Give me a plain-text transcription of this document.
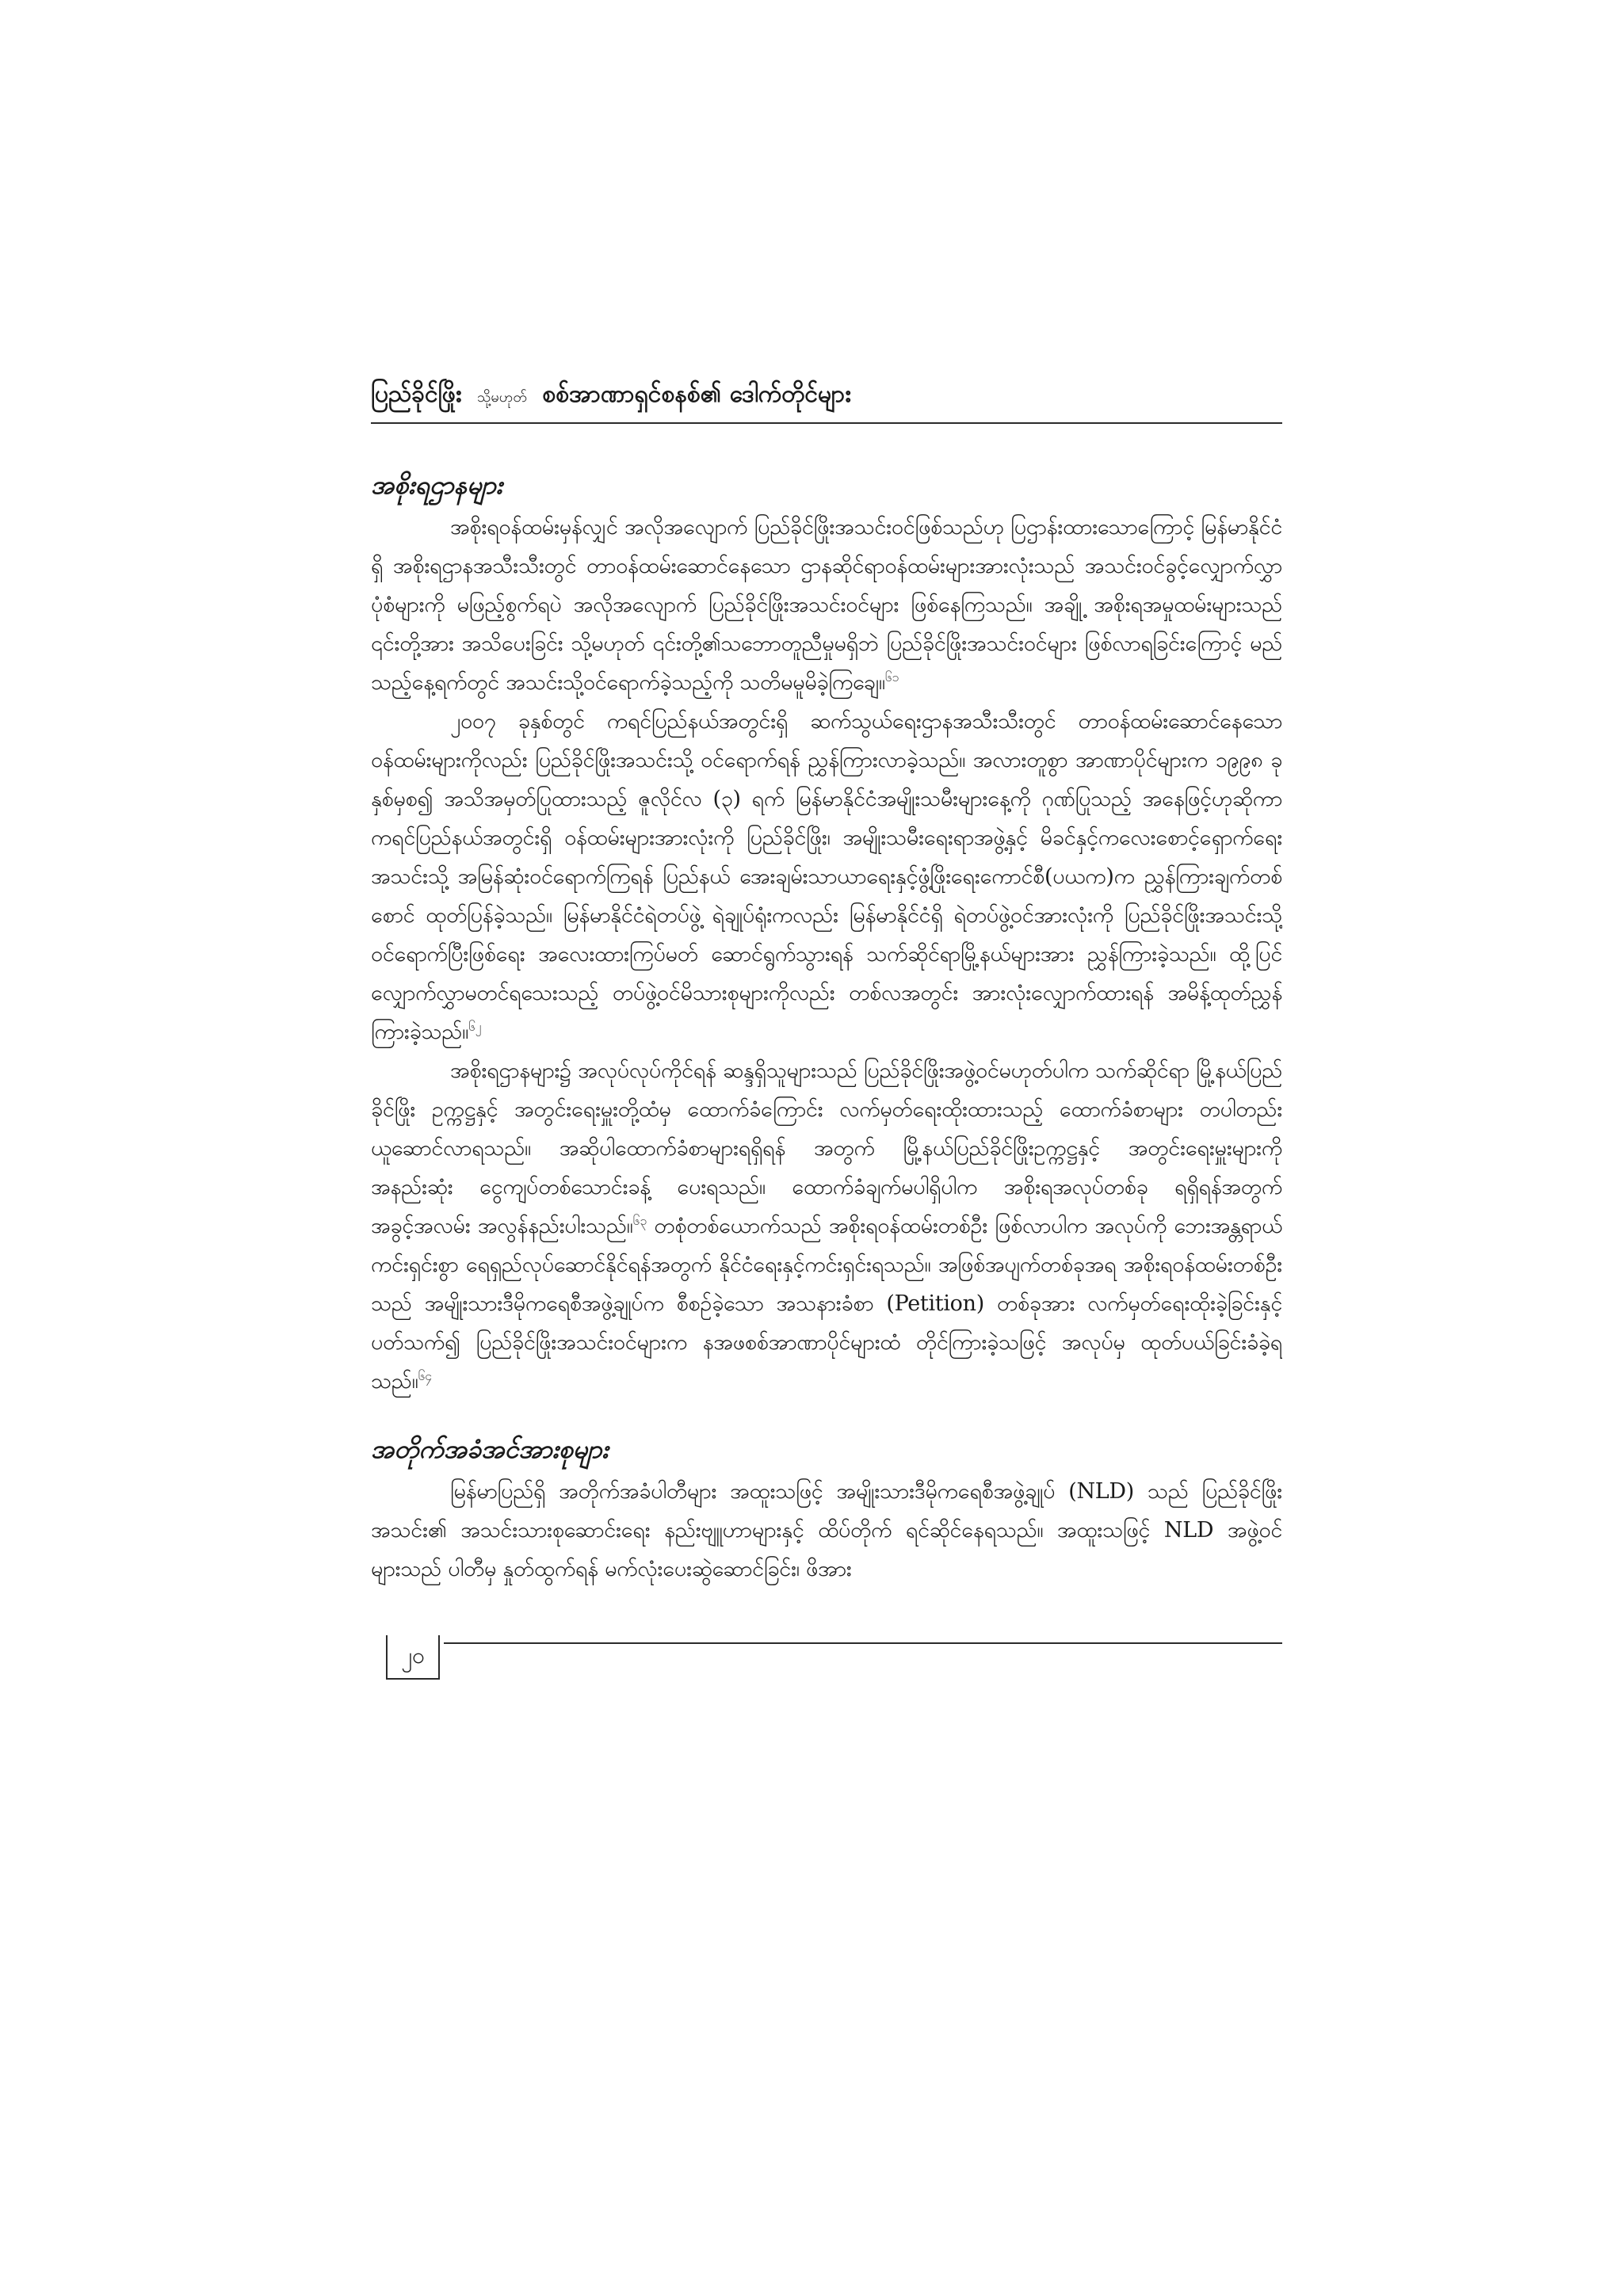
ပြည်ခိုင်ဖြိုး သို့မဟုတ် စစ်အာဏာရှင်စနစ်၏ ဒေါက်တိုင်များ
အစိုးရဌာနများ

အစိုးရဝန်ထမ်းမှန်လျှင် အလိုအလျောက် ပြည်ခိုင်ဖြိုးအသင်းဝင်ဖြစ်သည်ဟု ပြဌာန်းထားသောကြောင့် မြန်မာနိုင်ငံရှိ အစိုးရဌာနအသီးသီးတွင် တာဝန်ထမ်းဆောင်နေသော ဌာနဆိုင်ရာဝန်ထမ်းများအားလုံးသည် အသင်းဝင်ခွင့်လျှောက်လွှာပုံစံများကို မဖြည့်စွက်ရပဲ အလိုအလျောက် ပြည်ခိုင်ဖြိုးအသင်းဝင်များ ဖြစ်နေကြသည်။ အချို့ အစိုးရအမှုထမ်းများသည် ၎င်းတို့အား အသိပေးခြင်း သို့မဟုတ် ၎င်းတို့၏သဘောတူညီမှုမရှိဘဲ ပြည်ခိုင်ဖြိုးအသင်းဝင်များ ဖြစ်လာရခြင်းကြောင့် မည်သည့်နေ့ရက်တွင် အသင်းသို့ဝင်ရောက်ခဲ့သည့်ကို သတိမမူမိခဲ့ကြချေ။$^{၆၁}$

၂၀၀၇ ခုနှစ်တွင် ကရင်ပြည်နယ်အတွင်းရှိ ဆက်သွယ်ရေးဌာနအသီးသီးတွင် တာဝန်ထမ်းဆောင်နေသော ဝန်ထမ်းများကိုလည်း ပြည်ခိုင်ဖြိုးအသင်းသို့ ဝင်ရောက်ရန် ညွှန်ကြားလာခဲ့သည်။ အလားတူစွာ အာဏာပိုင်များက ၁၉၉၈ ခုနှစ်မှစ၍ အသိအမှတ်ပြုထားသည့် ဇူလိုင်လ (၃) ရက် မြန်မာနိုင်ငံအမျိုးသမီးများနေ့ကို ဂုဏ်ပြုသည့် အနေဖြင့်ဟုဆိုကာ ကရင်ပြည်နယ်အတွင်းရှိ ဝန်ထမ်းများအားလုံးကို ပြည်ခိုင်ဖြိုး၊ အမျိုးသမီးရေးရာအဖွဲ့နှင့် မိခင်နှင့်ကလေးစောင့်ရှောက်ရေးအသင်းသို့ အမြန်ဆုံးဝင်ရောက်ကြရန် ပြည်နယ် အေးချမ်းသာယာရေးနှင့်ဖွံ့ဖြိုးရေးကောင်စီ(ပယက)က ညွှန်ကြားချက်တစ်စောင် ထုတ်ပြန်ခဲ့သည်။ မြန်မာနိုင်ငံရဲတပ်ဖွဲ့ ရဲချုပ်ရုံးကလည်း မြန်မာနိုင်ငံရှိ ရဲတပ်ဖွဲ့ဝင်အားလုံးကို ပြည်ခိုင်ဖြိုးအသင်းသို့ ဝင်ရောက်ပြီးဖြစ်ရေး အလေးထားကြပ်မတ် ဆောင်ရွက်သွားရန် သက်ဆိုင်ရာမြို့နယ်များအား ညွှန်ကြားခဲ့သည်။ ထို့ပြင် လျှောက်လွှာမတင်ရသေးသည့် တပ်ဖွဲ့ဝင်မိသားစုများကိုလည်း တစ်လအတွင်း အားလုံးလျှောက်ထားရန် အမိန့်ထုတ်ညွှန်ကြားခဲ့သည်။$^{၆၂}$

အစိုးရဌာနများ၌ အလုပ်လုပ်ကိုင်ရန် ဆန္ဒရှိသူများသည် ပြည်ခိုင်ဖြိုးအဖွဲ့ဝင်မဟုတ်ပါက သက်ဆိုင်ရာ မြို့နယ်ပြည်ခိုင်ဖြိုး ဥက္ကဋ္ဌနှင့် အတွင်းရေးမှူးတို့ထံမှ ထောက်ခံကြောင်း လက်မှတ်ရေးထိုးထားသည့် ထောက်ခံစာများ တပါတည်း ယူဆောင်လာရသည်။ အဆိုပါထောက်ခံစာများရရှိရန် အတွက် မြို့နယ်ပြည်ခိုင်ဖြိုးဥက္ကဋ္ဌနှင့် အတွင်းရေးမှူးများကို အနည်းဆုံး ငွေကျပ်တစ်သောင်းခန့် ပေးရသည်။ ထောက်ခံချက်မပါရှိပါက အစိုးရအလုပ်တစ်ခု ရရှိရန်အတွက် အခွင့်အလမ်း အလွန်နည်းပါးသည်။$^{၆၃}$ တစုံတစ်ယောက်သည် အစိုးရဝန်ထမ်းတစ်ဦး ဖြစ်လာပါက အလုပ်ကို ဘေးအန္တရာယ်ကင်းရှင်းစွာ ရေရှည်လုပ်ဆောင်နိုင်ရန်အတွက် နိုင်ငံရေးနှင့်ကင်းရှင်းရသည်။ အဖြစ်အပျက်တစ်ခုအရ အစိုးရဝန်ထမ်းတစ်ဦးသည် အမျိုးသားဒီမိုကရေစီအဖွဲ့ချုပ်က စီစဉ်ခဲ့သော အသနားခံစာ (Petition) တစ်ခုအား လက်မှတ်ရေးထိုးခဲ့ခြင်းနှင့်ပတ်သက်၍ ပြည်ခိုင်ဖြိုးအသင်းဝင်များက နအဖစစ်အာဏာပိုင်များထံ တိုင်ကြားခဲ့သဖြင့် အလုပ်မှ ထုတ်ပယ်ခြင်းခံခဲ့ရသည်။$^{၆၄}$

အတိုက်အခံအင်အားစုများ

မြန်မာပြည်ရှိ အတိုက်အခံပါတီများ အထူးသဖြင့် အမျိုးသားဒီမိုကရေစီအဖွဲ့ချုပ် (NLD) သည် ပြည်ခိုင်ဖြိုးအသင်း၏ အသင်းသားစုဆောင်းရေး နည်းဗျူဟာများနှင့် ထိပ်တိုက် ရင်ဆိုင်နေရသည်။ အထူးသဖြင့် NLD အဖွဲ့ဝင်များသည် ပါတီမှ နှုတ်ထွက်ရန် မက်လုံးပေးဆွဲဆောင်ခြင်း၊ ဖိအား

၂၀
